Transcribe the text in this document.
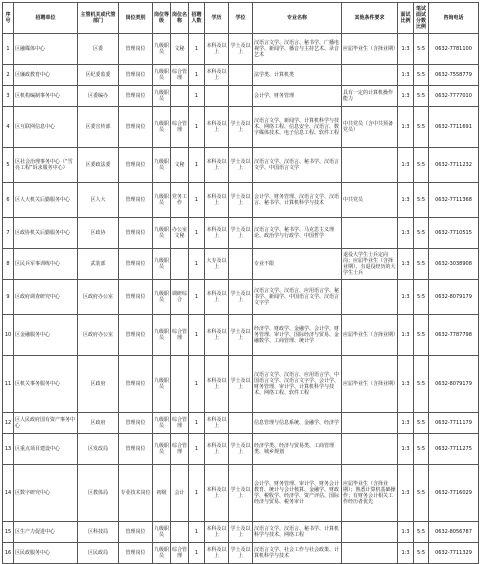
序号	招聘单位	主管机关或代管部门	岗位类别	岗位等级	岗位名称	招聘人数	学历	学位	专业名称	其他条件要求	面试比例	笔试面试分数比例	咨询电话
1	区融媒体中心	区委	管理岗位	九级职员	文秘	1	本科及以上	学士及以上	汉语言文学、汉语言、秘书学、广播电视学、新闻学、播音与主持艺术、录音艺术	应届毕业生（含择业期）	1:3	5:5	0632-7781100
2	区廉政教育中心	区纪委监委	管理岗位	九级职员	综合管理	1	本科及以上		法学类、计算机类		1:3	5:5	0632-7558779
3	区机构编制事务中心	区委编办	管理岗位	九级职员		1			会计学、财务管理	具有一定的计算机操作能力	1:3	5:5	0632-7777010
4	区互联网信息中心	区委宣传部	管理岗位	九级职员	综合管理	1	本科及以上	学士及以上	汉语言文学、新闻学、计算机科学与技术、网络工程、信息安全、汉语言、数字媒体技术、电子信息工程、软件工程	中共党员（含中共预备党员）	1:3	5:5	0632-7711691
5	区社会治理事务中心（“雪亮工程”诉求服务中心）	区委政法委	管理岗位	九级职员	文秘	1	本科及以上	学士及以上	汉语言文学、汉语言、秘书学、汉语言文学、中国语言文学		1:3	5:5	0632-7711232
6	区人大机关后勤服务中心	区人大	管理岗位	九级职员	党务工作	1	本科及以上	学士及以上	会计学、财务管理、汉语言文学、汉语言、秘书学、计算机科学与技术	中共党员	1:3	5:5	0632-7711368
7	区政协机关后勤服务中心	区政协	管理岗位	九级职员	办公室文秘	1	本科及以上	学士及以上	汉语言文学、秘书学、马克思主义理论、政治学与行政学、中国哲学		1:3	5:5	0632-7710515
8	区民兵军事训练中心	武装部	管理岗位	九级职员		1	大专及以上		专业不限	退役大学生士兵定向岗；应届毕业生（含择业期）、有退役经历的大学生士兵	1:3	5:5	0632-3038908
9	区政府调查研究中心	区政府办公室	管理岗位	九级职员	调研综合	1	本科及以上	学士及以上	汉语言文学、汉语言、应用语言学、秘书学、新闻学、中国语言文学、汉语言文字学		1:3	5:5	0632-8079179
10	区金融服务中心	区政府办公室	管理岗位	九级职员	综合管理	1	本科及以上	学士及以上	经济学、财政学、金融学、会计学、财务管理、审计学、国际经济与贸易、金融数学、工商管理、统计学	应届毕业生（含择业期）	1:3	5:5	0632-7787798
11	区机关事务服务中心	区政府	管理岗位	九级职员		1	本科及以上	学士及以上	汉语言文学、汉语言、应用语言学、中国语言文学、汉语言文字学、会计学、财务管理、审计学、计算机科学与技术、网络工程、软件工程	应届毕业生（含择业期）	1:3	5:5	0632-8079179
12	区人民政府国有资产事务中心	区政府	管理岗位	九级职员	综合管理	1	本科及以上		信息管理与信息系统、金融学、经济学		1:3	5:5	0632-7711179
13	区重点项目建设中心	区发改局	管理岗位	九级职员	综合管理	1	本科及以上	学士及以上	经济学类、经济与贸易类、工商管理类、城乡规划		1:3	5:5	0632-7711275
14	区数字研究中心	区教体局	专业技术岗位	初级	会计	1	本科及以上	学士及以上	会计学、财务管理、审计学、财务会计教育、统计与会计核算、金融学、财政学、税收学、经济学、资产评估、国际经济与贸易、税务审计	应届毕业生（含择业期）；熟悉计算机基础操作；有财务会计相关工作经历者优先	1:3	5:5	0632-7716029
15	区生产力促进中心	区科技局	管理岗位	九级职员		1	本科及以上	学士及以上	汉语言文学、汉语言、秘书学、计算机科学与技术、网络工程		1:3	5:5	0632-8056787
16	区民政服务中心	区民政局	管理岗位	九级职员	综合管理	1	本科及以上	学士及以上	汉语言文学、社会工作与社会政策、计算机科学与技术		1:3	5:5	0632-7711329
